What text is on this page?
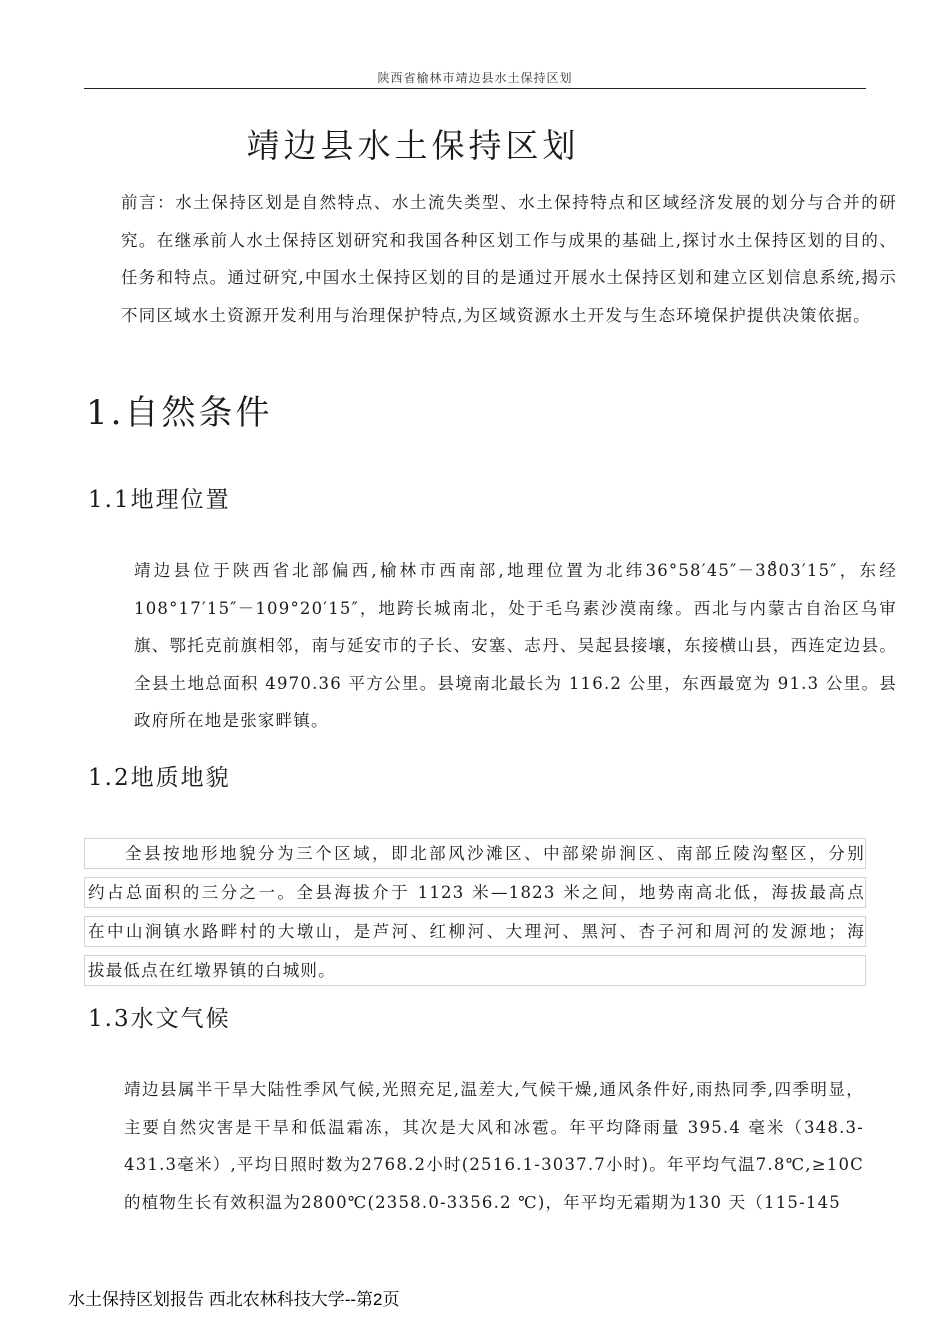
陕西省榆林市靖边县水土保持区划
靖边县水土保持区划

前言：水土保持区划是自然特点、水土流失类型、水土保持特点和区域经济发展的划分与合并的研究。在继承前人水土保持区划研究和我国各种区划工作与成果的基础上,探讨水土保持区划的目的、任务和特点。通过研究,中国水土保持区划的目的是通过开展水土保持区划和建立区划信息系统,揭示不同区域水土资源开发利用与治理保护特点,为区域资源水土开发与生态环境保护提供决策依据。

1.自然条件
1.1地理位置

靖边县位于陕西省北部偏西,榆林市西南部,地理位置为北纬36°58′45″－38̊03′15″，东经108°17′15″－109°20′15″，地跨长城南北，处于毛乌素沙漠南缘。西北与内蒙古自治区乌审旗、鄂托克前旗相邻，南与延安市的子长、安塞、志丹、吴起县接壤，东接横山县，西连定边县。全县土地总面积 4970.36 平方公里。县境南北最长为 116.2 公里，东西最宽为 91.3 公里。县政府所在地是张家畔镇。

1.2地质地貌
全县按地形地貌分为三个区域，即北部风沙滩区、中部梁峁涧区、南部丘陵沟壑区，分别
约占总面积的三分之一。全县海拔介于 1123 米—1823 米之间，地势南高北低，海拔最高点
在中山涧镇水路畔村的大墩山，是芦河、红柳河、大理河、黑河、杏子河和周河的发源地；海
拔最低点在红墩界镇的白城则。
1.3水文气候

靖边县属半干旱大陆性季风气候,光照充足,温差大,气候干燥,通风条件好,雨热同季,四季明显，主要自然灾害是干旱和低温霜冻，其次是大风和冰雹。年平均降雨量 395.4 毫米（348.3-431.3毫米）,平均日照时数为2768.2小时(2516.1-3037.7小时)。年平均气温7.8℃,≥10C的植物生长有效积温为2800℃(2358.0-3356.2 ℃)，年平均无霜期为130 天（115-145

水土保持区划报告 西北农林科技大学--第2页
